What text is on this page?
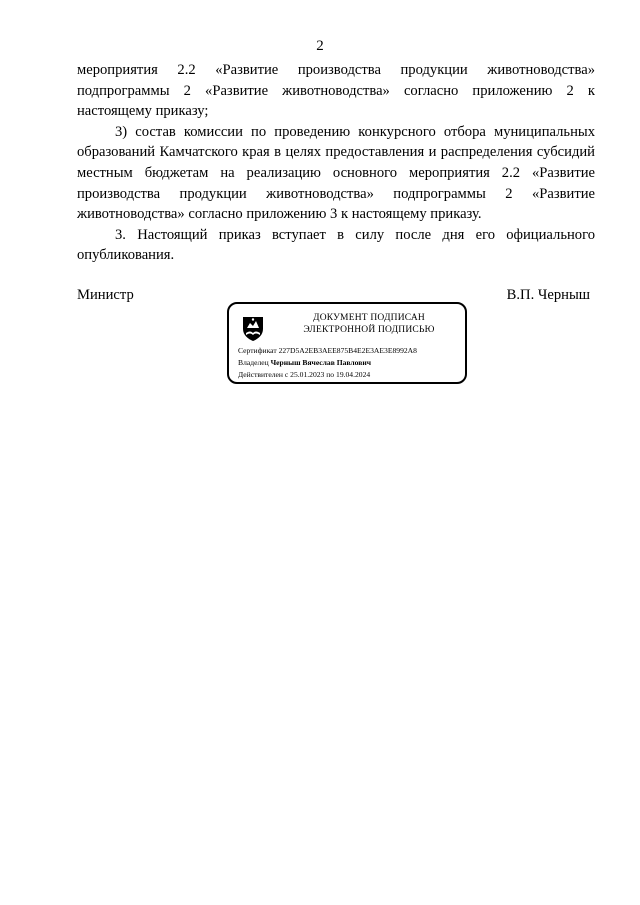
2

мероприятия 2.2 «Развитие производства продукции животноводства» подпрограммы 2 «Развитие животноводства» согласно приложению 2 к настоящему приказу;

3) состав комиссии по проведению конкурсного отбора муниципальных образований Камчатского края в целях предоставления и распределения субсидий местным бюджетам на реализацию основного мероприятия 2.2 «Развитие производства продукции животноводства» подпрограммы 2 «Развитие животноводства» согласно приложению 3 к настоящему приказу.

3. Настоящий приказ вступает в силу после дня его официального опубликования.

Министр	В.П. Черныш
ДОКУМЕНТ ПОДПИСАН
ЭЛЕКТРОННОЙ ПОДПИСЬЮ
Сертификат 227D5A2EB3AEE875B4E2E3AE3E8992A8
Владелец Черныш Вячеслав Павлович
Действителен с 25.01.2023 по 19.04.2024
